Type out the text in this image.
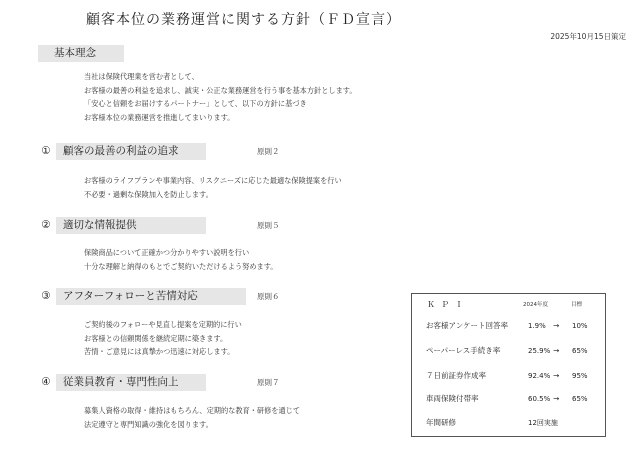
顧客本位の業務運営に関する方針（ＦＤ宣言）
2025年10月15日策定
基本理念
当社は保険代理業を営む者として、
お客様の最善の利益を追求し、誠実・公正な業務運営を行う事を基本方針とします。
「安心と信頼をお届けするパートナー」として、以下の方針に基づき
お客様本位の業務運営を推進してまいります。
① 顧客の最善の利益の追求	原則２
お客様のライフプランや事業内容、リスクニーズに応じた最適な保険提案を行い
不必要・過剰な保険加入を防止します。
② 適切な情報提供	原則５
保険商品について正確かつ分かりやすい説明を行い
十分な理解と納得のもとでご契約いただけるよう努めます。
③ アフターフォローと苦情対応	原則６
ご契約後のフォローや見直し提案を定期的に行い
お客様との信頼関係を継続定期に築きます。
苦情・ご意見には真摯かつ迅速に対応します。
④ 従業員教育・専門性向上	原則７
募集人資格の取得・維持はもちろん、定期的な教育・研修を通じて
法定遵守と専門知識の強化を図ります。
ＫＰＩ	2024年度	目標
お客様アンケート回答率	1.9% → 10%
ペーパーレス手続き率	25.9% → 65%
７日前証券作成率	92.4% → 95%
車両保険付帯率	60.5% → 65%
年間研修	12回実施
